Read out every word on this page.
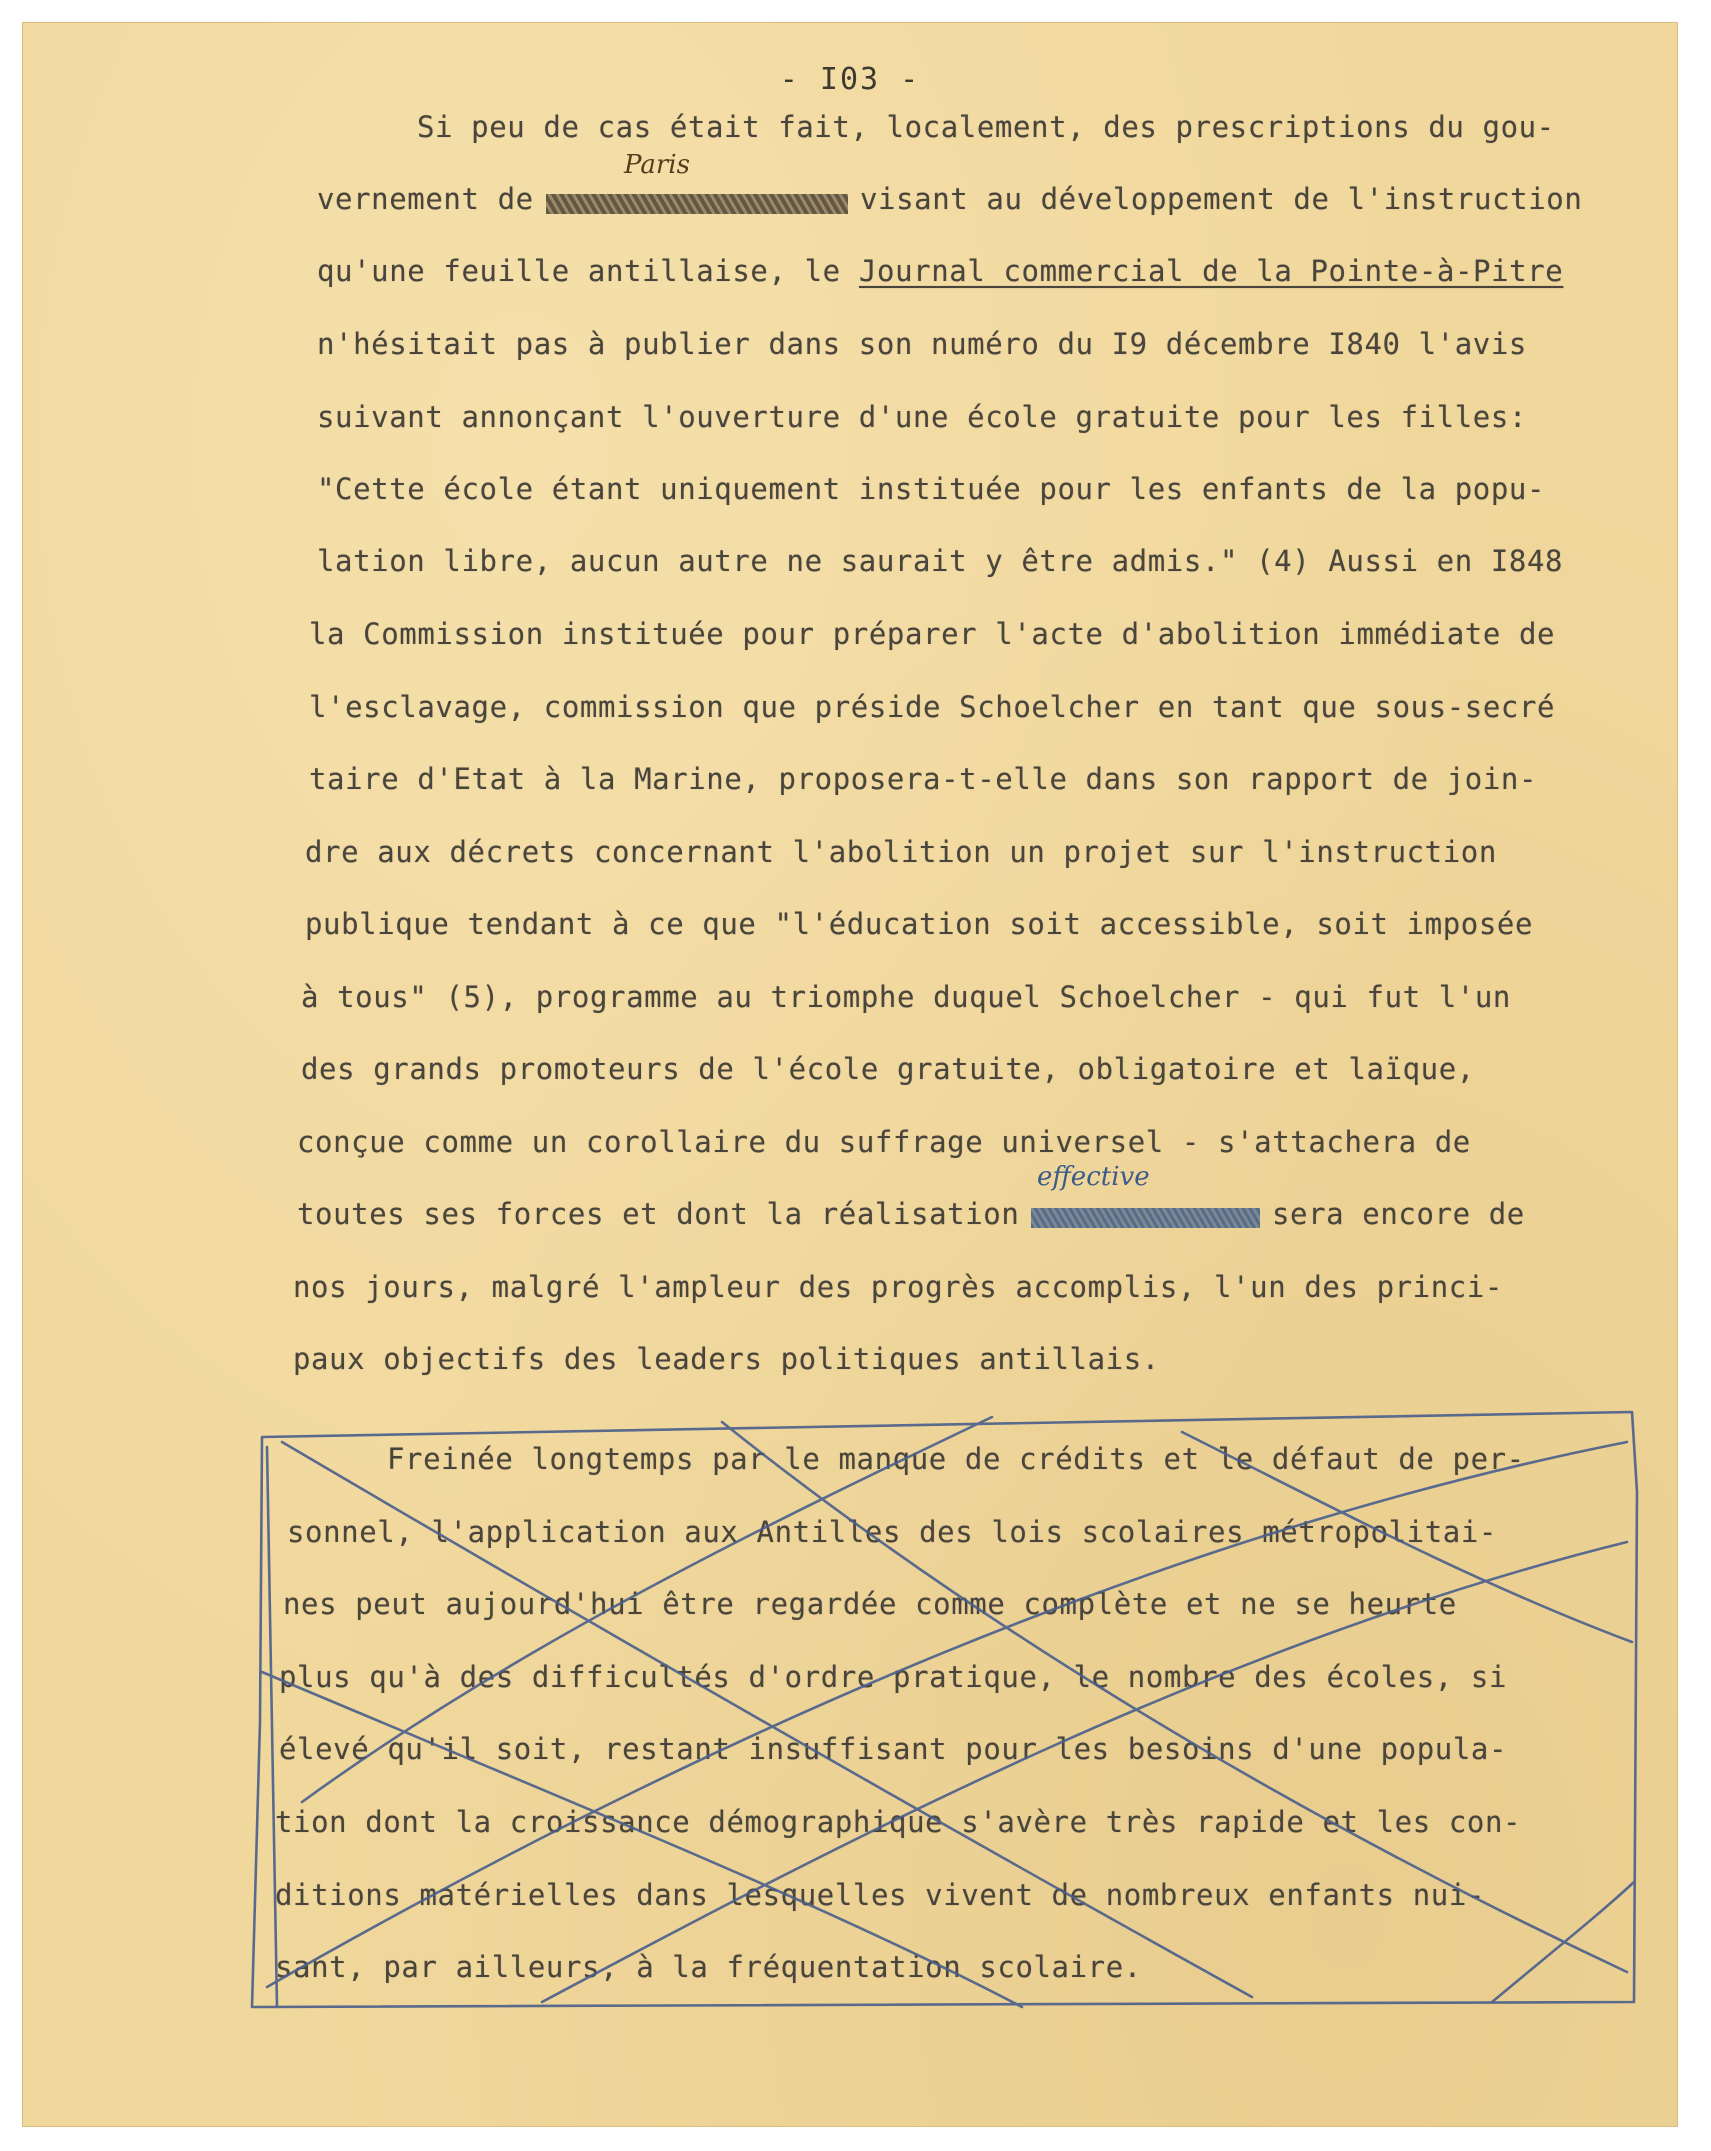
- I03 -
Si peu de cas était fait, localement, des prescriptions du gou-
vernement de
Paris
visant au développement de l'instruction
qu'une feuille antillaise, le Journal commercial de la Pointe-à-Pitre
n'hésitait pas à publier dans son numéro du I9 décembre I840 l'avis
suivant annonçant l'ouverture d'une école gratuite pour les filles:
"Cette école étant uniquement instituée pour les enfants de la popu-
lation libre, aucun autre ne saurait y être admis." (4) Aussi en I848
la Commission instituée pour préparer l'acte d'abolition immédiate de
l'esclavage, commission que préside Schoelcher en tant que sous-secré
taire d'Etat à la Marine, proposera-t-elle dans son rapport de join-
dre aux décrets concernant l'abolition un projet sur l'instruction
publique tendant à ce que "l'éducation soit accessible, soit imposée
à tous" (5), programme au triomphe duquel Schoelcher - qui fut l'un
des grands promoteurs de l'école gratuite, obligatoire et laïque,
conçue comme un corollaire du suffrage universel - s'attachera de
toutes ses forces et dont la réalisation
effective
sera encore de
nos jours, malgré l'ampleur des progrès accomplis, l'un des princi-
paux objectifs des leaders politiques antillais.
Freinée longtemps par le manque de crédits et le défaut de per-
sonnel, l'application aux Antilles des lois scolaires métropolitai-
nes peut aujourd'hui être regardée comme complète et ne se heurte
plus qu'à des difficultés d'ordre pratique, le nombre des écoles, si
élevé qu'il soit, restant insuffisant pour les besoins d'une popula-
tion dont la croissance démographique s'avère très rapide et les con-
ditions matérielles dans lesquelles vivent de nombreux enfants nui-
sant, par ailleurs, à la fréquentation scolaire.
